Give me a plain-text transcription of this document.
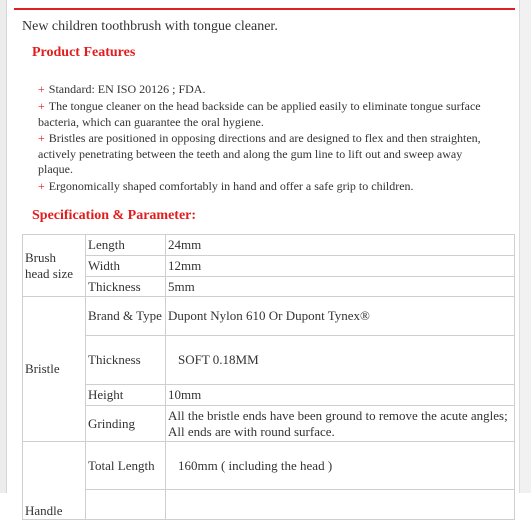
New children toothbrush with tongue cleaner.

Product Features

+ Standard: EN ISO 20126 ; FDA.
+ The tongue cleaner on the head backside can be applied easily to eliminate tongue surface bacteria, which can guarantee the oral hygiene.
+ Bristles are positioned in opposing directions and are designed to flex and then straighten, actively penetrating between the teeth and along the gum line to lift out and sweep away plaque.
+ Ergonomically shaped comfortably in hand and offer a safe grip to children.

Specification & Parameter:

Brush head size	Length	24mm
	Width	12mm
	Thickness	5mm
Bristle	Brand & Type	Dupont Nylon 610 Or Dupont Tynex®
	Thickness	SOFT 0.18MM
	Height	10mm
	Grinding	All the bristle ends have been ground to remove the acute angles; All ends are with round surface.
Handle	Total Length	160mm ( including the head )
